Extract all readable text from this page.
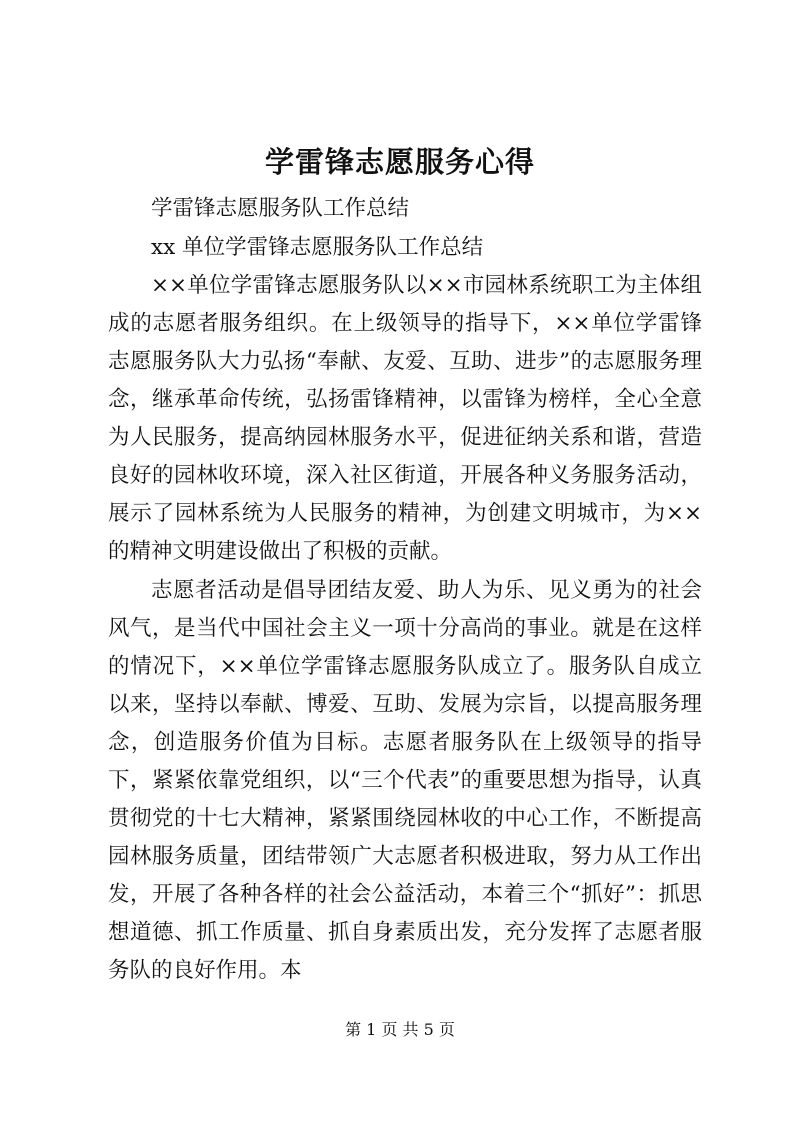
学雷锋志愿服务心得

学雷锋志愿服务队工作总结

xx 单位学雷锋志愿服务队工作总结

××单位学雷锋志愿服务队以××市园林系统职工为主体组成的志愿者服务组织。在上级领导的指导下，××单位学雷锋志愿服务队大力弘扬“奉献、友爱、互助、进步”的志愿服务理念，继承革命传统，弘扬雷锋精神，以雷锋为榜样，全心全意为人民服务，提高纳园林服务水平，促进征纳关系和谐，营造良好的园林收环境，深入社区街道，开展各种义务服务活动，展示了园林系统为人民服务的精神，为创建文明城市，为××的精神文明建设做出了积极的贡献。

志愿者活动是倡导团结友爱、助人为乐、见义勇为的社会风气，是当代中国社会主义一项十分高尚的事业。就是在这样的情况下，××单位学雷锋志愿服务队成立了。服务队自成立以来，坚持以奉献、博爱、互助、发展为宗旨，以提高服务理念，创造服务价值为目标。志愿者服务队在上级领导的指导下，紧紧依靠党组织，以“三个代表”的重要思想为指导，认真贯彻党的十七大精神，紧紧围绕园林收的中心工作，不断提高园林服务质量，团结带领广大志愿者积极进取，努力从工作出发，开展了各种各样的社会公益活动，本着三个“抓好”：抓思想道德、抓工作质量、抓自身素质出发，充分发挥了志愿者服务队的良好作用。本

第 1 页 共 5 页
